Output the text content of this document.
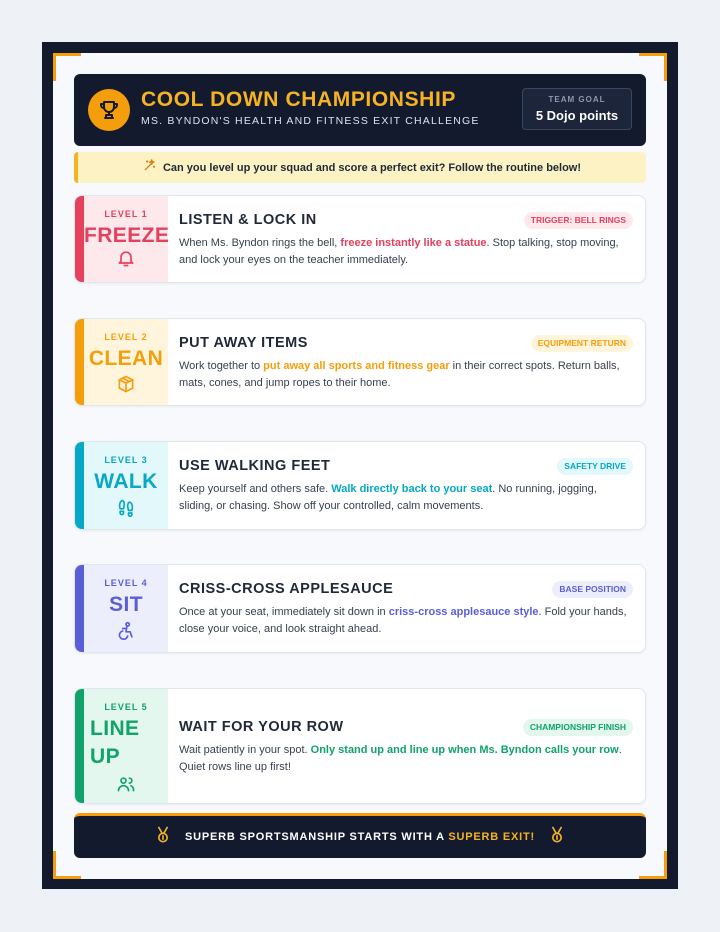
COOL DOWN CHAMPIONSHIP
MS. BYNDON'S HEALTH AND FITNESS EXIT CHALLENGE
TEAM GOAL
5 Dojo points
Can you level up your squad and score a perfect exit? Follow the routine below!
LEVEL 1
FREEZE
LISTEN & LOCK IN	TRIGGER: BELL RINGS
When Ms. Byndon rings the bell, freeze instantly like a statue. Stop talking, stop moving, and lock your eyes on the teacher immediately.
LEVEL 2
CLEAN
PUT AWAY ITEMS	EQUIPMENT RETURN
Work together to put away all sports and fitness gear in their correct spots. Return balls, mats, cones, and jump ropes to their home.
LEVEL 3
WALK
USE WALKING FEET	SAFETY DRIVE
Keep yourself and others safe. Walk directly back to your seat. No running, jogging, sliding, or chasing. Show off your controlled, calm movements.
LEVEL 4
SIT
CRISS-CROSS APPLESAUCE	BASE POSITION
Once at your seat, immediately sit down in criss-cross applesauce style. Fold your hands, close your voice, and look straight ahead.
LEVEL 5
LINE UP
WAIT FOR YOUR ROW	CHAMPIONSHIP FINISH
Wait patiently in your spot. Only stand up and line up when Ms. Byndon calls your row. Quiet rows line up first!
SUPERB SPORTSMANSHIP STARTS WITH A SUPERB EXIT!
